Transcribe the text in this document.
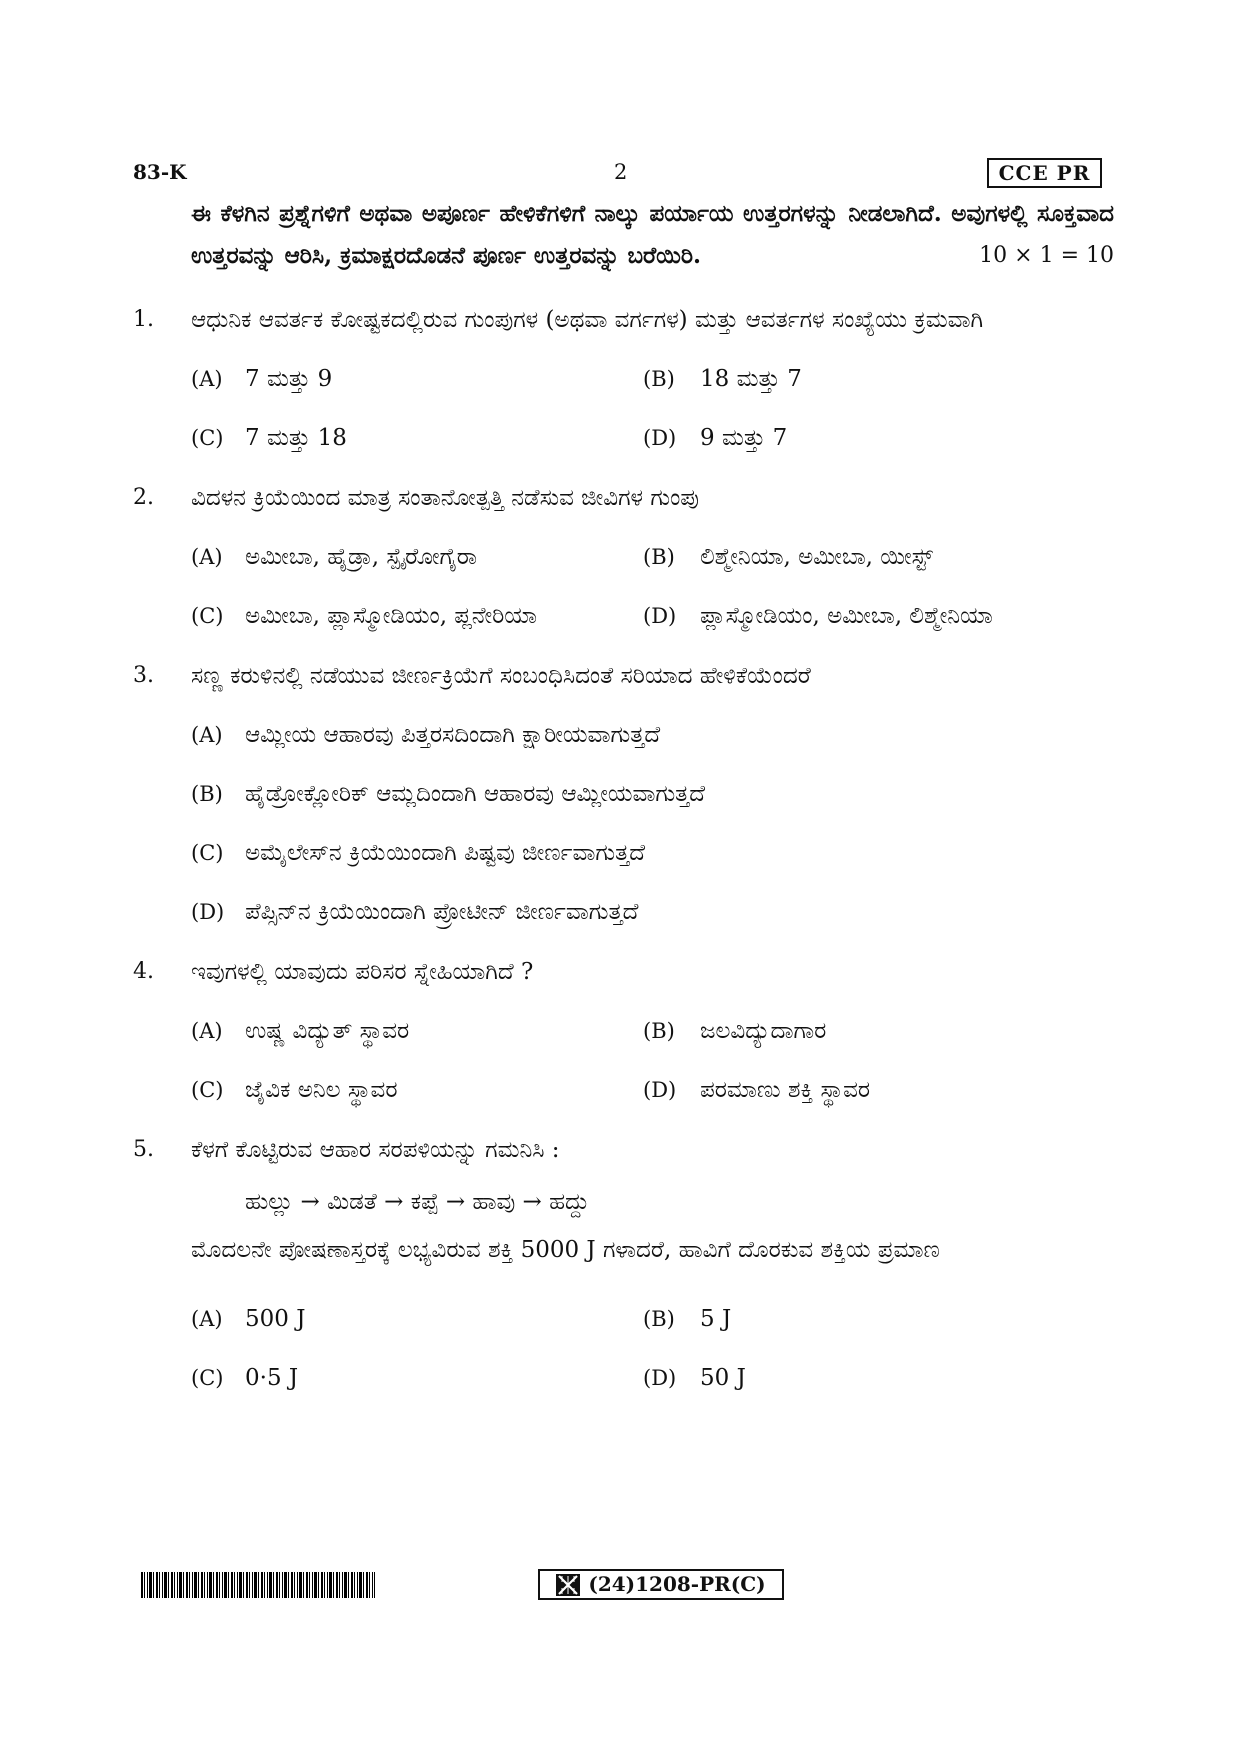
83-K	2	CCE PR

ಈ ಕೆಳಗಿನ ಪ್ರಶ್ನೆಗಳಿಗೆ ಅಥವಾ ಅಪೂರ್ಣ ಹೇಳಿಕೆಗಳಿಗೆ ನಾಲ್ಕು ಪರ್ಯಾಯ ಉತ್ತರಗಳನ್ನು ನೀಡಲಾಗಿದೆ. ಅವುಗಳಲ್ಲಿ ಸೂಕ್ತವಾದ ಉತ್ತರವನ್ನು ಆರಿಸಿ, ಕ್ರಮಾಕ್ಷರದೊಡನೆ ಪೂರ್ಣ ಉತ್ತರವನ್ನು ಬರೆಯಿರಿ.	10 × 1 = 10

1. ಆಧುನಿಕ ಆವರ್ತಕ ಕೋಷ್ಟಕದಲ್ಲಿರುವ ಗುಂಪುಗಳ (ಅಥವಾ ವರ್ಗಗಳ) ಮತ್ತು ಆವರ್ತಗಳ ಸಂಖ್ಯೆಯು ಕ್ರಮವಾಗಿ

(A) 7 ಮತ್ತು 9	(B)	18 ಮತ್ತು 7
(C) 7 ಮತ್ತು 18	(D)	9 ಮತ್ತು 7
2. ವಿದಳನ ಕ್ರಿಯೆಯಿಂದ ಮಾತ್ರ ಸಂತಾನೋತ್ಪತ್ತಿ ನಡೆಸುವ ಜೀವಿಗಳ ಗುಂಪು

(A) ಅಮೀಬಾ, ಹೈಡ್ರಾ, ಸ್ಪೈರೋಗೈರಾ	(B)	ಲಿಶ್ಮೇನಿಯಾ, ಅಮೀಬಾ, ಯೀಸ್ಟ್
(C) ಅಮೀಬಾ, ಪ್ಲಾಸ್ಮೋಡಿಯಂ, ಪ್ಲನೇರಿಯಾ	(D)	ಪ್ಲಾಸ್ಮೋಡಿಯಂ, ಅಮೀಬಾ, ಲಿಶ್ಮೇನಿಯಾ
3. ಸಣ್ಣ ಕರುಳಿನಲ್ಲಿ ನಡೆಯುವ ಜೀರ್ಣಕ್ರಿಯೆಗೆ ಸಂಬಂಧಿಸಿದಂತೆ ಸರಿಯಾದ ಹೇಳಿಕೆಯೆಂದರೆ

(A) ಆಮ್ಲೀಯ ಆಹಾರವು ಪಿತ್ತರಸದಿಂದಾಗಿ ಕ್ಷಾರೀಯವಾಗುತ್ತದೆ
(B) ಹೈಡ್ರೋಕ್ಲೋರಿಕ್ ಆಮ್ಲದಿಂದಾಗಿ ಆಹಾರವು ಆಮ್ಲೀಯವಾಗುತ್ತದೆ
(C) ಅಮೈಲೇಸ್‌ನ ಕ್ರಿಯೆಯಿಂದಾಗಿ ಪಿಷ್ಟವು ಜೀರ್ಣವಾಗುತ್ತದೆ
(D) ಪೆಪ್ಸಿನ್‌ನ ಕ್ರಿಯೆಯಿಂದಾಗಿ ಪ್ರೋಟೀನ್ ಜೀರ್ಣವಾಗುತ್ತದೆ
4. ಇವುಗಳಲ್ಲಿ ಯಾವುದು ಪರಿಸರ ಸ್ನೇಹಿಯಾಗಿದೆ ?

(A) ಉಷ್ಣ ವಿದ್ಯುತ್ ಸ್ಥಾವರ	(B)	ಜಲವಿದ್ಯುದಾಗಾರ
(C) ಜೈವಿಕ ಅನಿಲ ಸ್ಥಾವರ	(D)	ಪರಮಾಣು ಶಕ್ತಿ ಸ್ಥಾವರ
5. ಕೆಳಗೆ ಕೊಟ್ಟಿರುವ ಆಹಾರ ಸರಪಳಿಯನ್ನು ಗಮನಿಸಿ :

ಹುಲ್ಲು → ಮಿಡತೆ → ಕಪ್ಪೆ → ಹಾವು → ಹದ್ದು

ಮೊದಲನೇ ಪೋಷಣಾಸ್ತರಕ್ಕೆ ಲಭ್ಯವಿರುವ ಶಕ್ತಿ 5000 J ಗಳಾದರೆ, ಹಾವಿಗೆ ದೊರಕುವ ಶಕ್ತಿಯ ಪ್ರಮಾಣ

(A) 500 J	(B)	5 J
(C) 0·5 J	(D)	50 J
(24)1208-PR(C)
